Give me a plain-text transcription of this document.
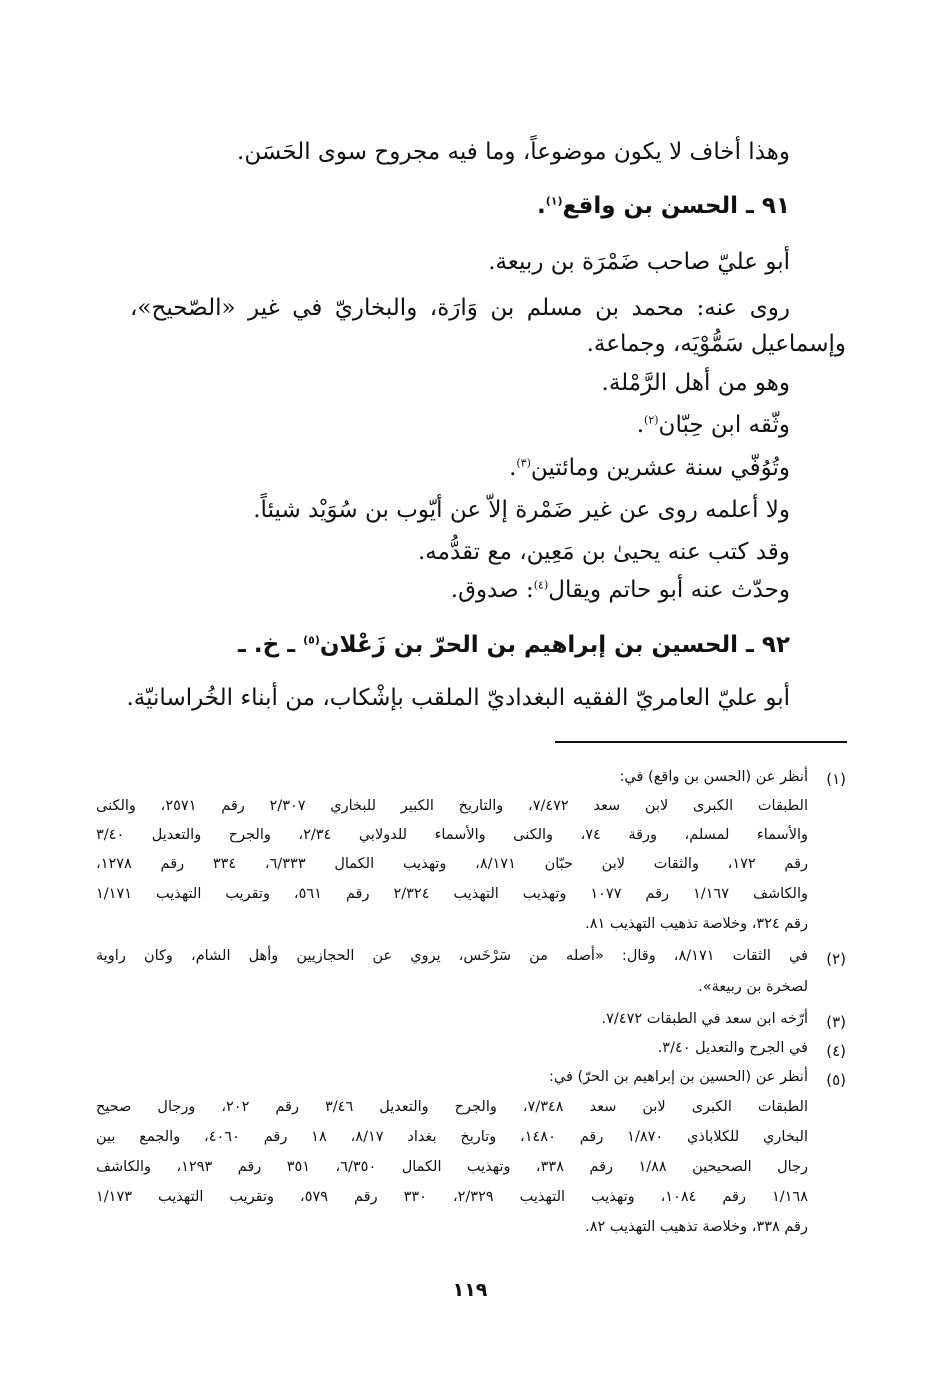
وهذا أخاف لا يكون موضوعاً، وما فيه مجروح سوى الحَسَن.
٩١ ـ الحسن بن واقع$^{(١)}$.
أبو عليّ صاحب ضَمْرَة بن ربيعة.
روى عنه: محمد بن مسلم بن وَارَة، والبخاريّ في غير «الصّحيح»،
وإسماعيل سَمُّوْيَه، وجماعة.
وهو من أهل الرَّمْلة.
وثّقه ابن حِبّان$^{(٢)}$.
وتُوُفّي سنة عشرين ومائتين$^{(٣)}$.
ولا أعلمه روى عن غير ضَمْرة إلاّ عن أيّوب بن سُوَيْد شيئاً.
وقد كتب عنه يحيىٰ بن مَعِين، مع تقدُّمه.
وحدّث عنه أبو حاتم ويقال$^{(٤)}$: صدوق.
٩٢ ـ الحسين بن إبراهيم بن الحرّ بن زَعْلان$^{(٥)}$ ـ خ. ـ
أبو عليّ العامريّ الفقيه البغداديّ الملقب بإشْكاب، من أبناء الخُراسانيّة.
(١)
أنظر عن (الحسن بن واقع) في:
الطبقات الكبرى لابن سعد ٧/٤٧٢، والتاريخ الكبير للبخاري ٢/٣٠٧ رقم ٢٥٧١، والكنى
والأسماء لمسلم، ورقة ٧٤، والكنى والأسماء للدولابي ٢/٣٤، والجرح والتعديل ٣/٤٠
رقم ١٧٢، والثقات لابن حبّان ٨/١٧١، وتهذيب الكمال ٦/٣٣٣، ٣٣٤ رقم ١٢٧٨،
والكاشف ١/١٦٧ رقم ١٠٧٧ وتهذيب التهذيب ٢/٣٢٤ رقم ٥٦١، وتقريب التهذيب ١/١٧١
رقم ٣٢٤، وخلاصة تذهيب التهذيب ٨١.
(٢)
في الثقات ٨/١٧١، وقال: «أصله من سَرْخَس، يروي عن الحجازيين وأهل الشام، وكان راوية
لصخرة بن ربيعة».
(٣)
أرّخه ابن سعد في الطبقات ٧/٤٧٢.
(٤)
في الجرح والتعديل ٣/٤٠.
(٥)
أنظر عن (الحسين بن إبراهيم بن الحرّ) في:
الطبقات الكبرى لابن سعد ٧/٣٤٨، والجرح والتعديل ٣/٤٦ رقم ٢٠٢، ورجال صحيح
البخاري للكلاباذي ١/٨٧٠ رقم ١٤٨٠، وتاريخ بغداد ٨/١٧، ١٨ رقم ٤٠٦٠، والجمع بين
رجال الصحيحين ١/٨٨ رقم ٣٣٨، وتهذيب الكمال ٦/٣٥٠، ٣٥١ رقم ١٢٩٣، والكاشف
١/١٦٨ رقم ١٠٨٤، وتهذيب التهذيب ٢/٣٢٩، ٣٣٠ رقم ٥٧٩، وتقريب التهذيب ١/١٧٣
رقم ٣٣٨، وخلاصة تذهيب التهذيب ٨٢.
١١٩
